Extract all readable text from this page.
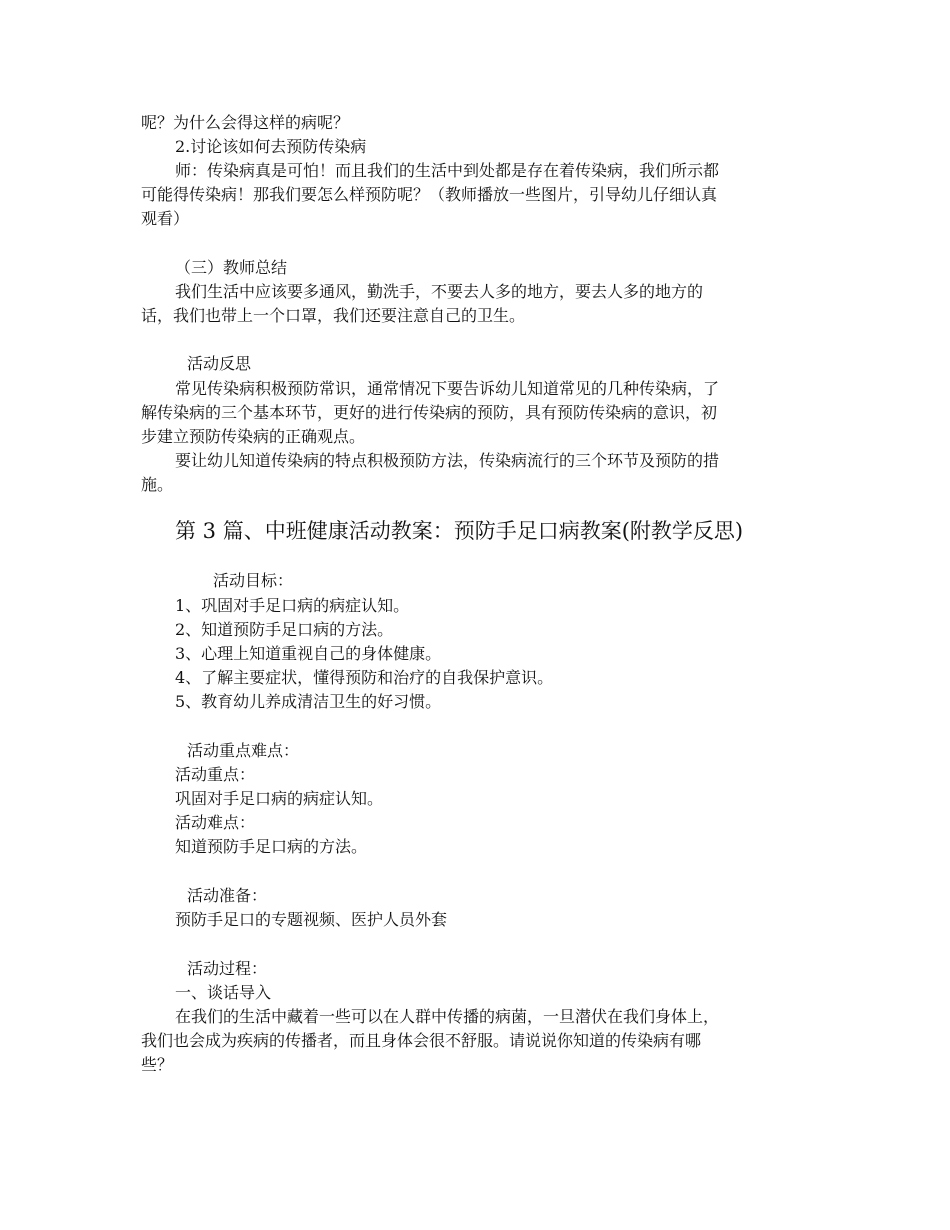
呢？为什么会得这样的病呢？
2.讨论该如何去预防传染病
师：传染病真是可怕！而且我们的生活中到处都是存在着传染病，我们所示都
可能得传染病！那我们要怎么样预防呢？（教师播放一些图片，引导幼儿仔细认真
观看）
（三）教师总结
我们生活中应该要多通风，勤洗手，不要去人多的地方，要去人多的地方的
话，我们也带上一个口罩，我们还要注意自己的卫生。
活动反思
常见传染病积极预防常识，通常情况下要告诉幼儿知道常见的几种传染病，了
解传染病的三个基本环节，更好的进行传染病的预防，具有预防传染病的意识，初
步建立预防传染病的正确观点。
要让幼儿知道传染病的特点积极预防方法，传染病流行的三个环节及预防的措
施。
第 3 篇、中班健康活动教案：预防手足口病教案(附教学反思)
活动目标：
1、巩固对手足口病的病症认知。
2、知道预防手足口病的方法。
3、心理上知道重视自己的身体健康。
4、了解主要症状，懂得预防和治疗的自我保护意识。
5、教育幼儿养成清洁卫生的好习惯。
活动重点难点：
活动重点：
巩固对手足口病的病症认知。
活动难点：
知道预防手足口病的方法。
活动准备：
预防手足口的专题视频、医护人员外套
活动过程：
一、谈话导入
在我们的生活中藏着一些可以在人群中传播的病菌，一旦潜伏在我们身体上，
我们也会成为疾病的传播者，而且身体会很不舒服。请说说你知道的传染病有哪
些？
